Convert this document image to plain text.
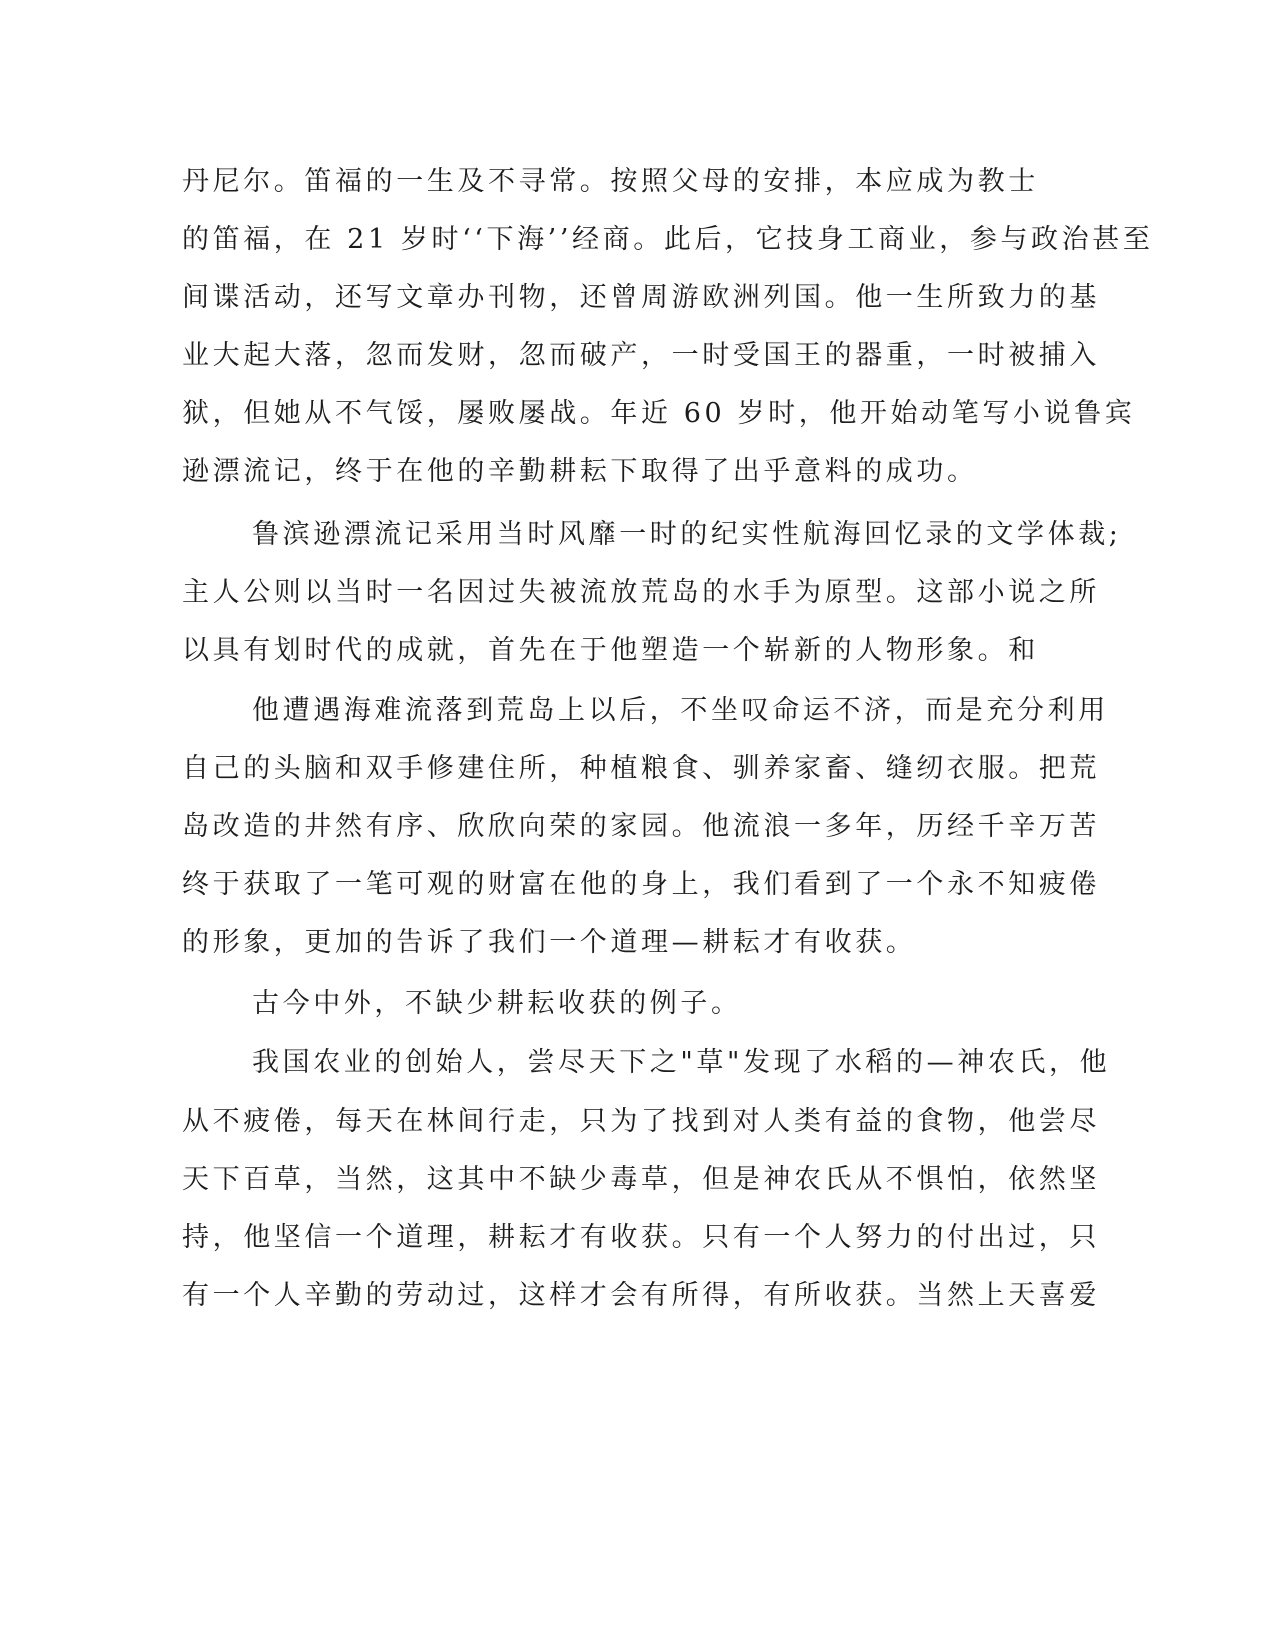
丹尼尔。笛福的一生及不寻常。按照父母的安排，本应成为教士

的笛福，在 21 岁时‘‘下海’’经商。此后，它技身工商业，参与政治甚至

间谍活动，还写文章办刊物，还曾周游欧洲列国。他一生所致力的基

业大起大落，忽而发财，忽而破产，一时受国王的器重，一时被捕入

狱，但她从不气馁，屡败屡战。年近 60 岁时，他开始动笔写小说鲁宾

逊漂流记，终于在他的辛勤耕耘下取得了出乎意料的成功。

鲁滨逊漂流记采用当时风靡一时的纪实性航海回忆录的文学体裁;

主人公则以当时一名因过失被流放荒岛的水手为原型。这部小说之所

以具有划时代的成就，首先在于他塑造一个崭新的人物形象。和

他遭遇海难流落到荒岛上以后，不坐叹命运不济，而是充分利用

自己的头脑和双手修建住所，种植粮食、驯养家畜、缝纫衣服。把荒

岛改造的井然有序、欣欣向荣的家园。他流浪一多年，历经千辛万苦

终于获取了一笔可观的财富在他的身上，我们看到了一个永不知疲倦

的形象，更加的告诉了我们一个道理—耕耘才有收获。

古今中外，不缺少耕耘收获的例子。

我国农业的创始人，尝尽天下之"草"发现了水稻的—神农氏，他

从不疲倦，每天在林间行走，只为了找到对人类有益的食物，他尝尽

天下百草，当然，这其中不缺少毒草，但是神农氏从不惧怕，依然坚

持，他坚信一个道理，耕耘才有收获。只有一个人努力的付出过，只

有一个人辛勤的劳动过，这样才会有所得，有所收获。当然上天喜爱
